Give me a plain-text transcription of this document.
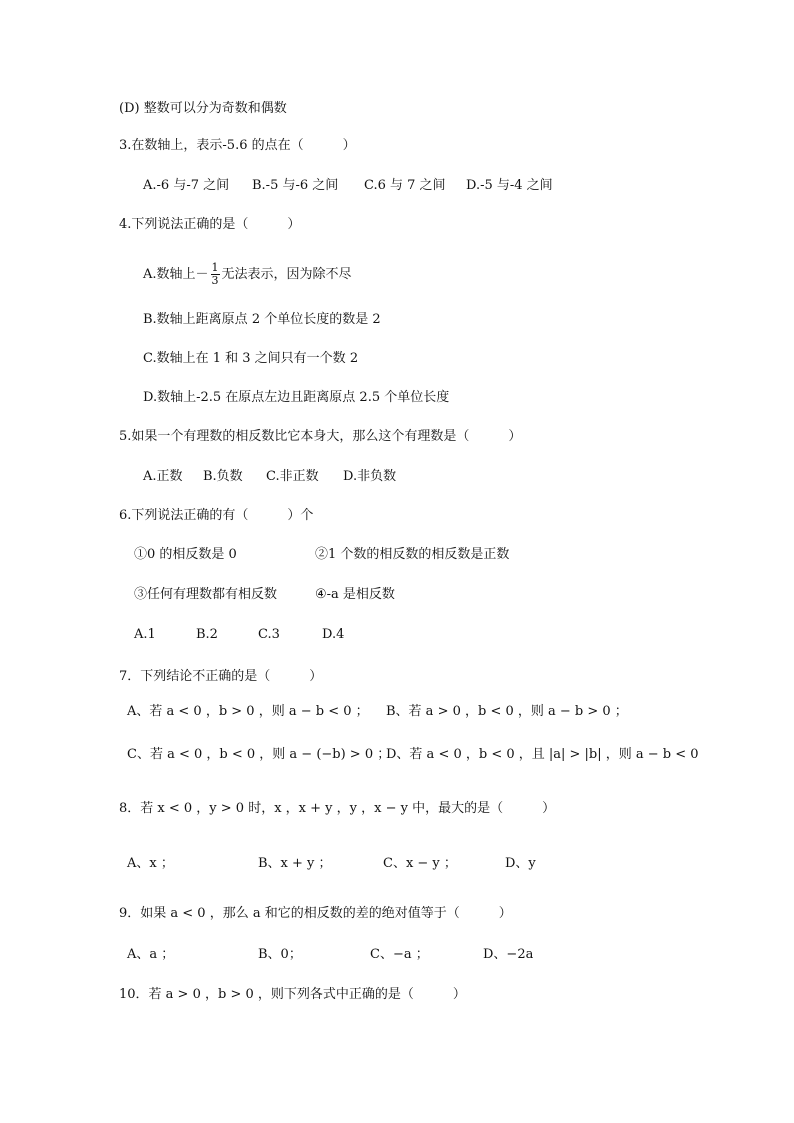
(D) 整数可以分为奇数和偶数
3.在数轴上，表示-5.6 的点在（　　　）
A.-6 与-7 之间 B.-5 与-6 之间 C.6 与 7 之间 D.-5 与-4 之间
4.下列说法正确的是（　　　）
A.数轴上－ $\frac{1}{3}$ 无法表示，因为除不尽
B.数轴上距离原点 2 个单位长度的数是 2
C.数轴上在 1 和 3 之间只有一个数 2
D.数轴上-2.5 在原点左边且距离原点 2.5 个单位长度
5.如果一个有理数的相反数比它本身大，那么这个有理数是（　　　）
A.正数 B.负数 C.非正数 D.非负数
6.下列说法正确的有（　　　）个
①0 的相反数是 0	②1 个数的相反数的相反数是正数
③任何有理数都有相反数	④-a 是相反数
A.1	B.2	C.3	D.4
7．下列结论不正确的是（　　　）
A、若 a < 0 ，b > 0 ，则 a − b < 0 ； B、若 a > 0 ，b < 0 ，则 a − b > 0 ；
C、若 a < 0 ，b < 0 ，则 a − (−b) > 0 ；
D、若 a < 0 ，b < 0 ，且 |a| > |b| ，则 a − b < 0
8．若 x < 0 ，y > 0 时，x ，x + y ，y ，x − y 中，最大的是（　　　）
A、x ；	B、x + y ；	C、x − y ；	D、y
9．如果 a < 0 ，那么 a 和它的相反数的差的绝对值等于（　　　）
A、a ；	B、0；	C、−a ；	D、−2a
10．若 a > 0 ，b > 0 ，则下列各式中正确的是（　　　）
